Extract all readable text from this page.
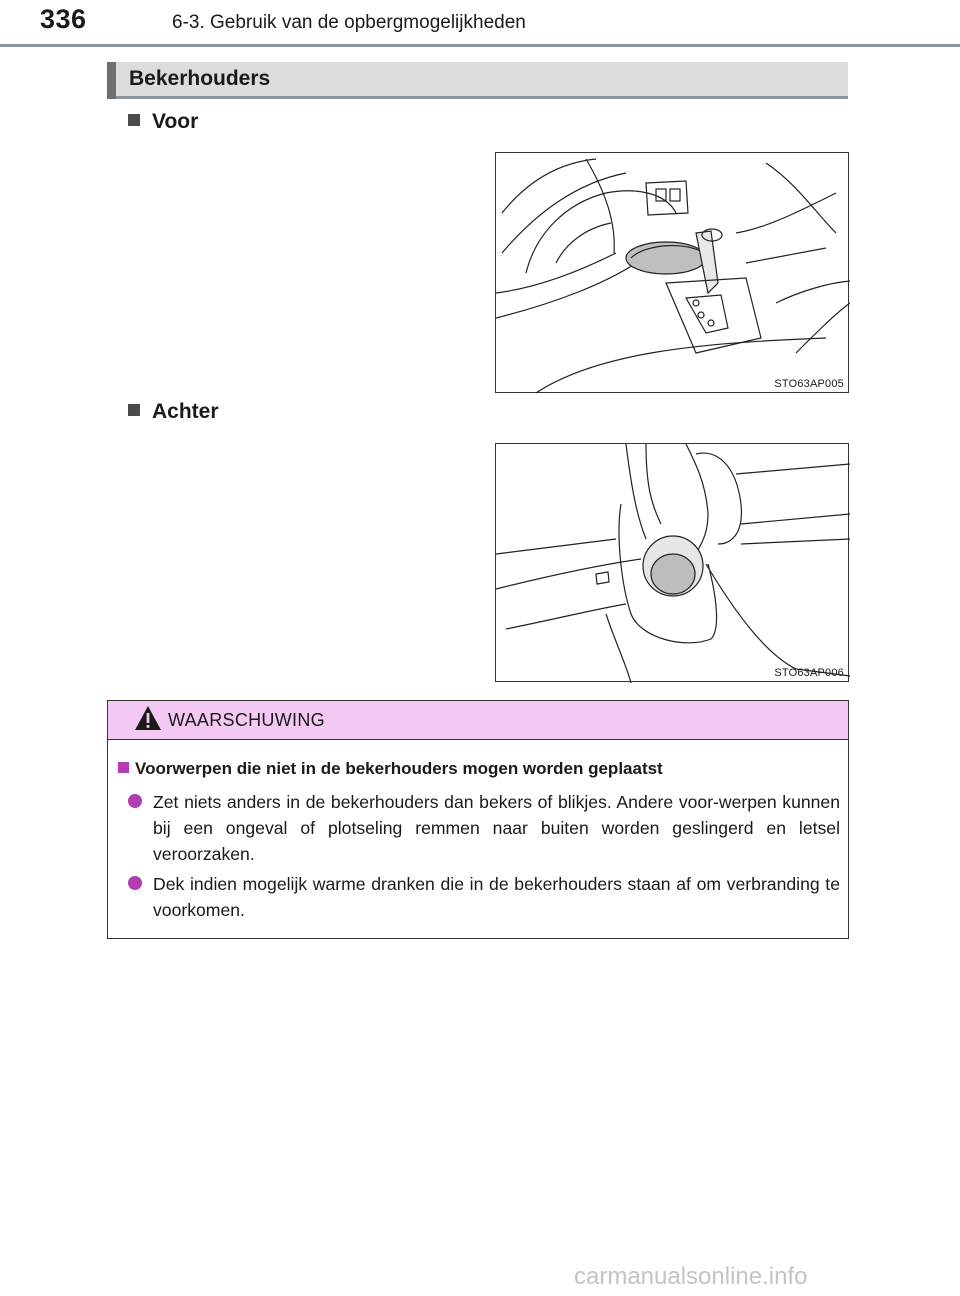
336	6-3. Gebruik van de opbergmogelijkheden
Bekerhouders
Voor
STO63AP005
Achter
STO63AP006
WAARSCHUWING
Voorwerpen die niet in de bekerhouders mogen worden geplaatst
Zet niets anders in de bekerhouders dan bekers of blikjes. Andere voor-werpen kunnen bij een ongeval of plotseling remmen naar buiten worden geslingerd en letsel veroorzaken.
Dek indien mogelijk warme dranken die in de bekerhouders staan af om verbranding te voorkomen.
carmanualsonline.info
